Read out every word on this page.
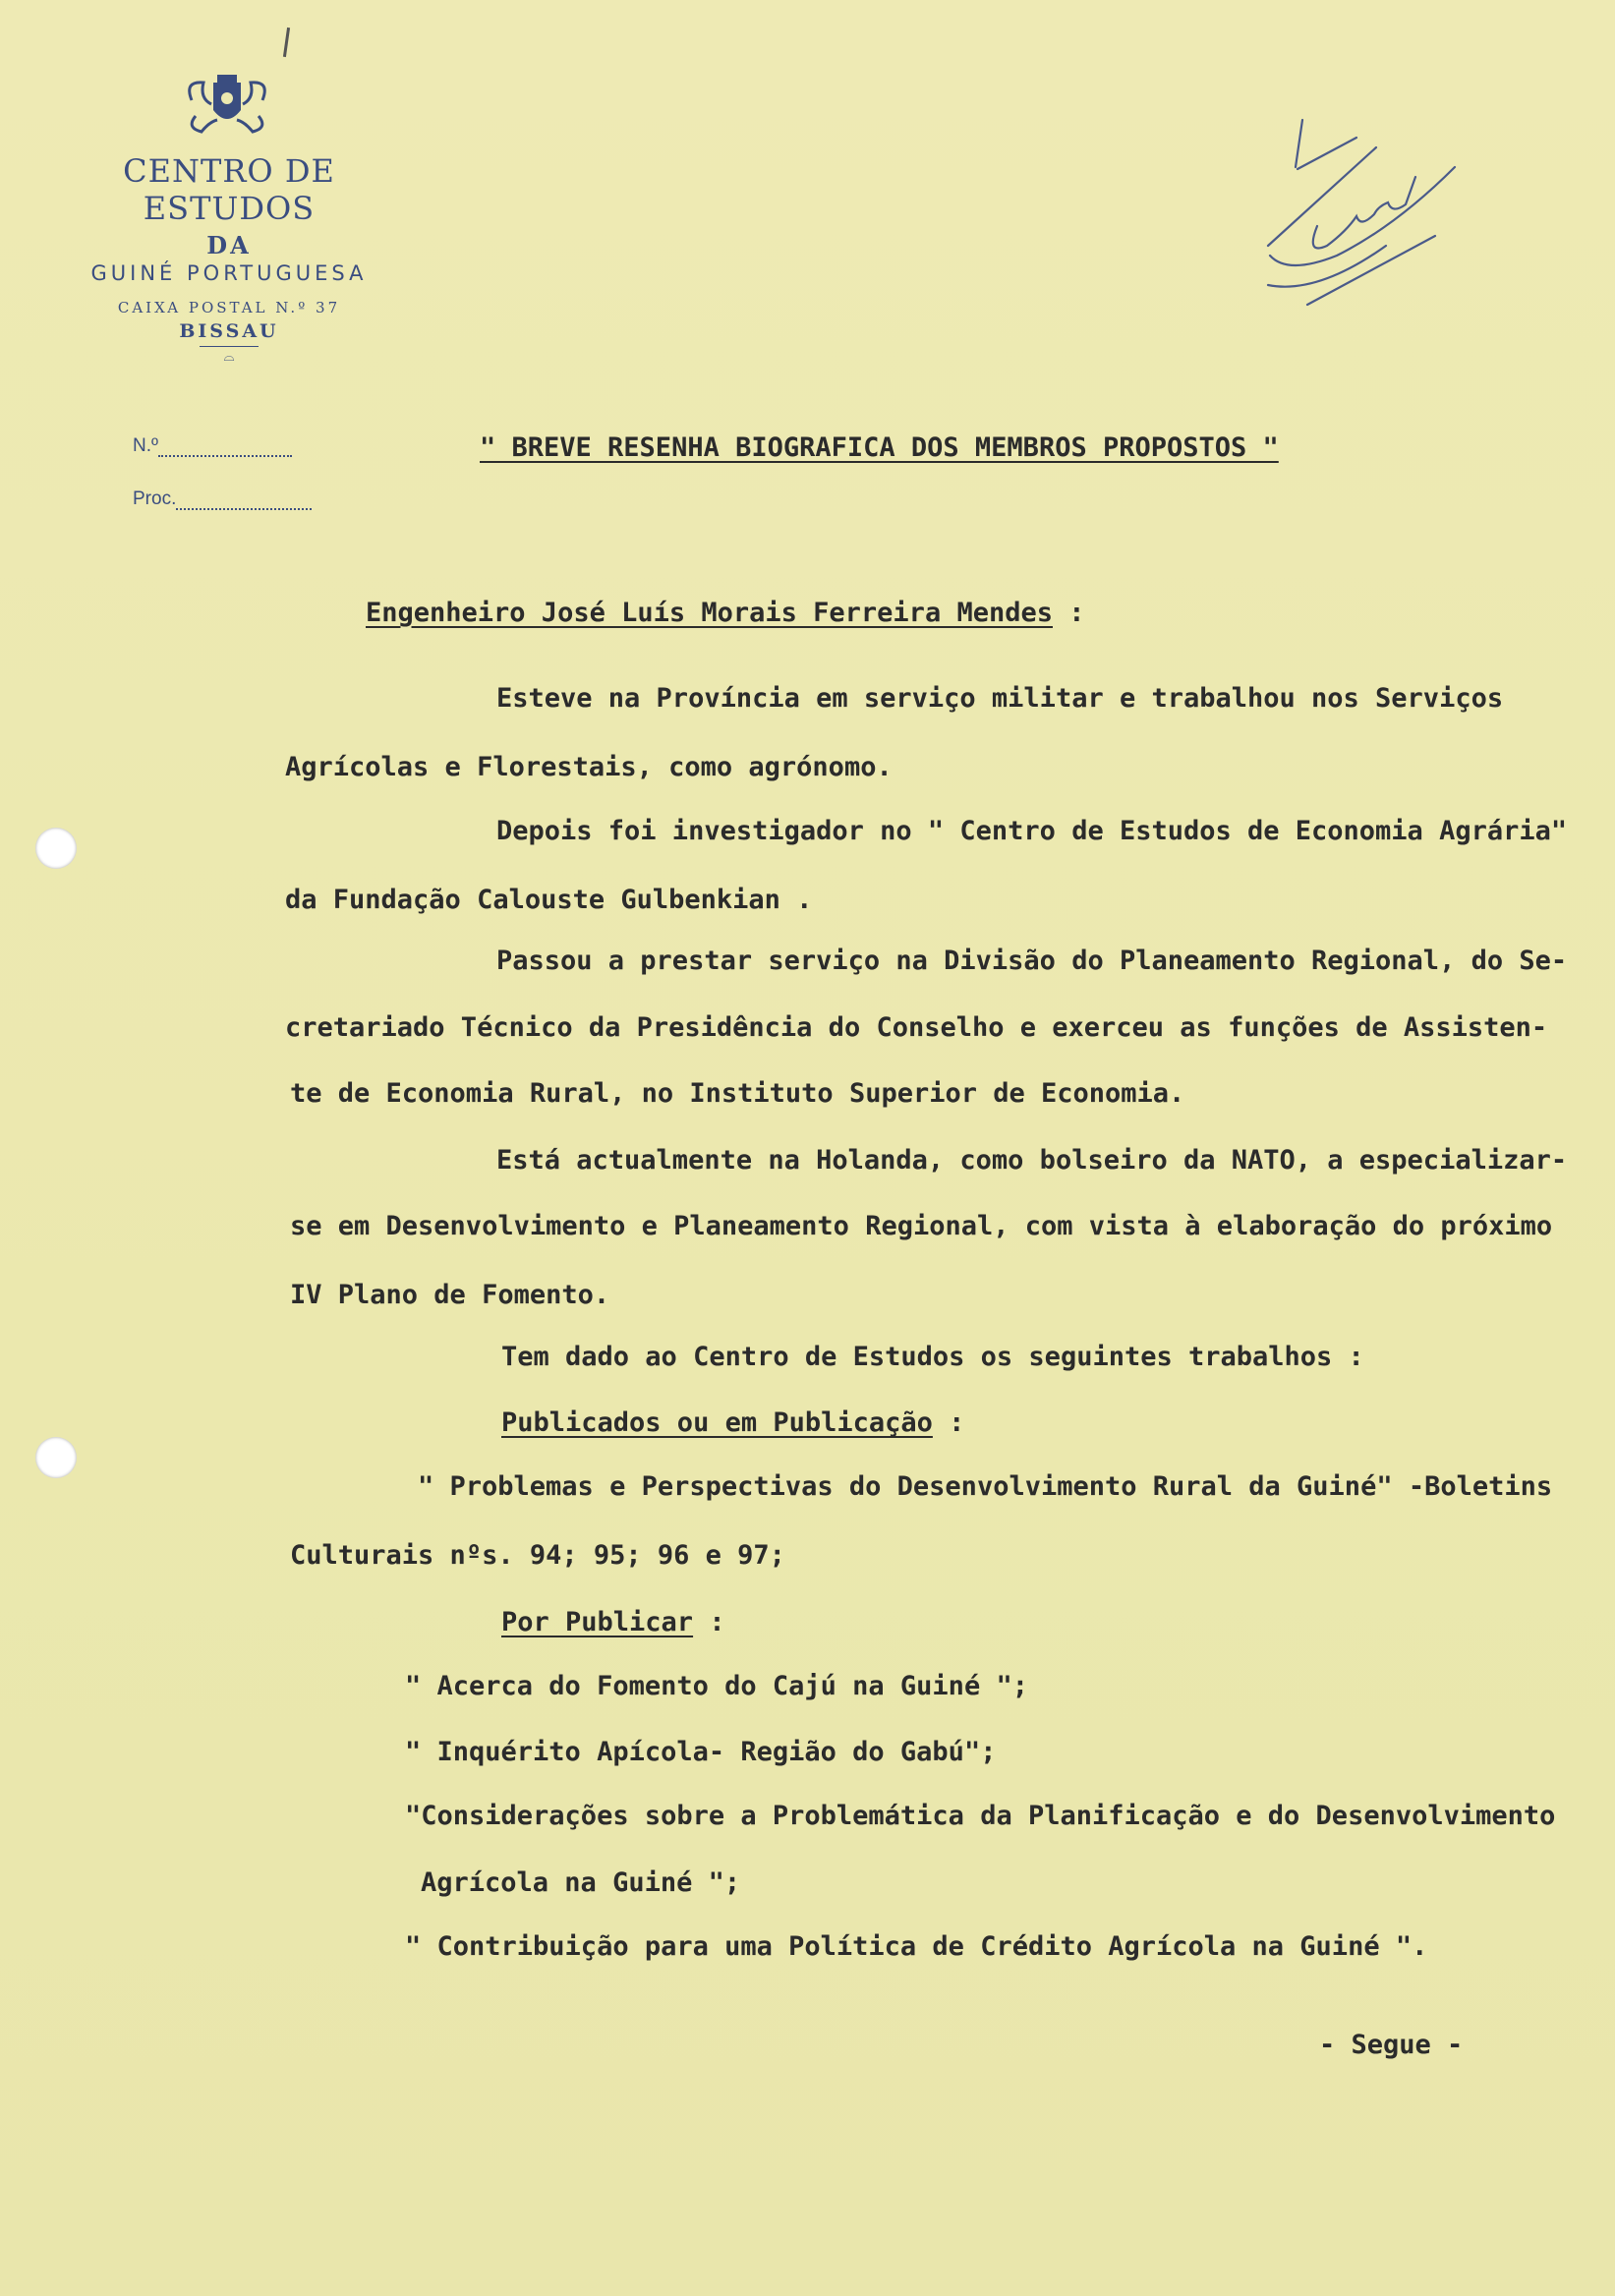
CENTRO DE ESTUDOS
DA
GUINÉ PORTUGUESA
CAIXA POSTAL N.º 37
BISSAU
⌓
N.º
Proc.
" BREVE RESENHA BIOGRAFICA DOS MEMBROS PROPOSTOS "
Engenheiro José Luís Morais Ferreira Mendes :
Esteve na Província em serviço militar e trabalhou nos Serviços
Agrícolas e Florestais, como agrónomo.
Depois foi investigador no " Centro de Estudos de Economia Agrária"
da Fundação Calouste Gulbenkian .
Passou a prestar serviço na Divisão do Planeamento Regional, do Se-
cretariado Técnico da Presidência do Conselho e exerceu as funções de Assisten-
te de Economia Rural, no Instituto Superior de Economia.
Está actualmente na Holanda, como bolseiro da NATO, a especializar-
se em Desenvolvimento e Planeamento Regional, com vista à elaboração do próximo
IV Plano de Fomento.
Tem dado ao Centro de Estudos os seguintes trabalhos :
Publicados ou em Publicação :
" Problemas e Perspectivas do Desenvolvimento Rural da Guiné" -Boletins
Culturais nºs. 94; 95; 96 e 97;
Por Publicar :
" Acerca do Fomento do Cajú na Guiné ";
" Inquérito Apícola- Região do Gabú";
"Considerações sobre a Problemática da Planificação e do Desenvolvimento
Agrícola na Guiné ";
" Contribuição para uma Política de Crédito Agrícola na Guiné ".
- Segue -
